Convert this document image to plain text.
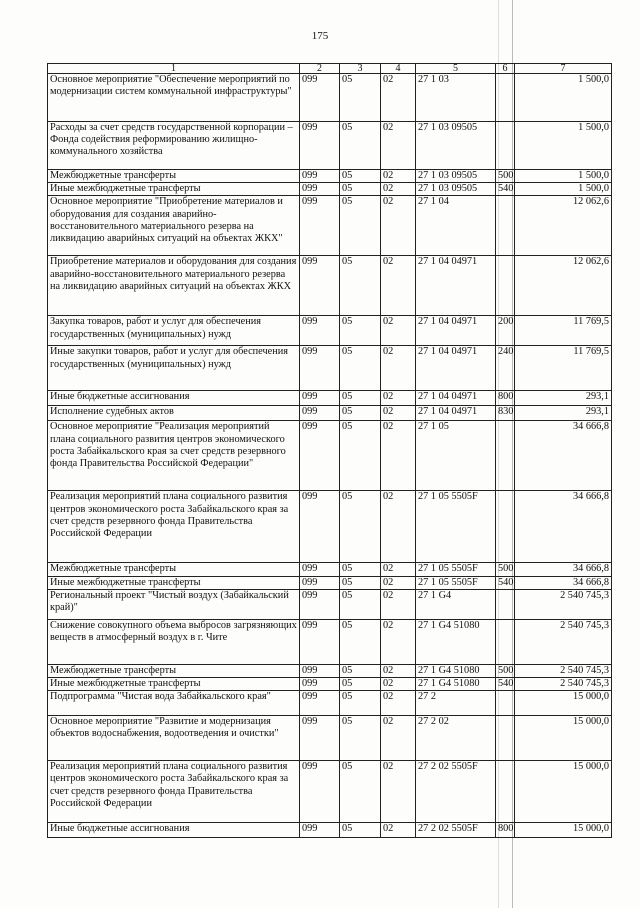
175
1	2	3	4	5	6	7
Основное мероприятие "Обеспечение мероприятий по модернизации систем коммунальной инфраструктуры"	099	05	02	27 1 03		1 500,0
Расходы за счет средств государственной корпорации – Фонда содействия реформированию жилищно-коммунального хозяйства	099	05	02	27 1 03 09505		1 500,0
Межбюджетные трансферты	099	05	02	27 1 03 09505	500	1 500,0
Иные межбюджетные трансферты	099	05	02	27 1 03 09505	540	1 500,0
Основное мероприятие "Приобретение материалов и оборудования для создания аварийно-восстановительного материального резерва на ликвидацию аварийных ситуаций на объектах ЖКХ"	099	05	02	27 1 04		12 062,6
Приобретение материалов и оборудования для создания аварийно-восстановительного материального резерва на ликвидацию аварийных ситуаций на объектах ЖКХ	099	05	02	27 1 04 04971		12 062,6
Закупка товаров, работ и услуг для обеспечения государственных (муниципальных) нужд	099	05	02	27 1 04 04971	200	11 769,5
Иные закупки товаров, работ и услуг для обеспечения государственных (муниципальных) нужд	099	05	02	27 1 04 04971	240	11 769,5
Иные бюджетные ассигнования	099	05	02	27 1 04 04971	800	293,1
Исполнение судебных актов	099	05	02	27 1 04 04971	830	293,1
Основное мероприятие "Реализация мероприятий плана социального развития центров экономического роста Забайкальского края за счет средств резервного фонда Правительства Российской Федерации"	099	05	02	27 1 05		34 666,8
Реализация мероприятий плана социального развития центров экономического роста Забайкальского края за счет средств резервного фонда Правительства Российской Федерации	099	05	02	27 1 05 5505F		34 666,8
Межбюджетные трансферты	099	05	02	27 1 05 5505F	500	34 666,8
Иные межбюджетные трансферты	099	05	02	27 1 05 5505F	540	34 666,8
Региональный проект "Чистый воздух (Забайкальский край)"	099	05	02	27 1 G4		2 540 745,3
Снижение совокупного объема выбросов загрязняющих веществ в атмосферный воздух в г. Чите	099	05	02	27 1 G4 51080		2 540 745,3
Межбюджетные трансферты	099	05	02	27 1 G4 51080	500	2 540 745,3
Иные межбюджетные трансферты	099	05	02	27 1 G4 51080	540	2 540 745,3
Подпрограмма "Чистая вода Забайкальского края"	099	05	02	27 2		15 000,0
Основное мероприятие "Развитие и модернизация объектов водоснабжения, водоотведения и очистки"	099	05	02	27 2 02		15 000,0
Реализация мероприятий плана социального развития центров экономического роста Забайкальского края за счет средств резервного фонда Правительства Российской Федерации	099	05	02	27 2 02 5505F		15 000,0
Иные бюджетные ассигнования	099	05	02	27 2 02 5505F	800	15 000,0
